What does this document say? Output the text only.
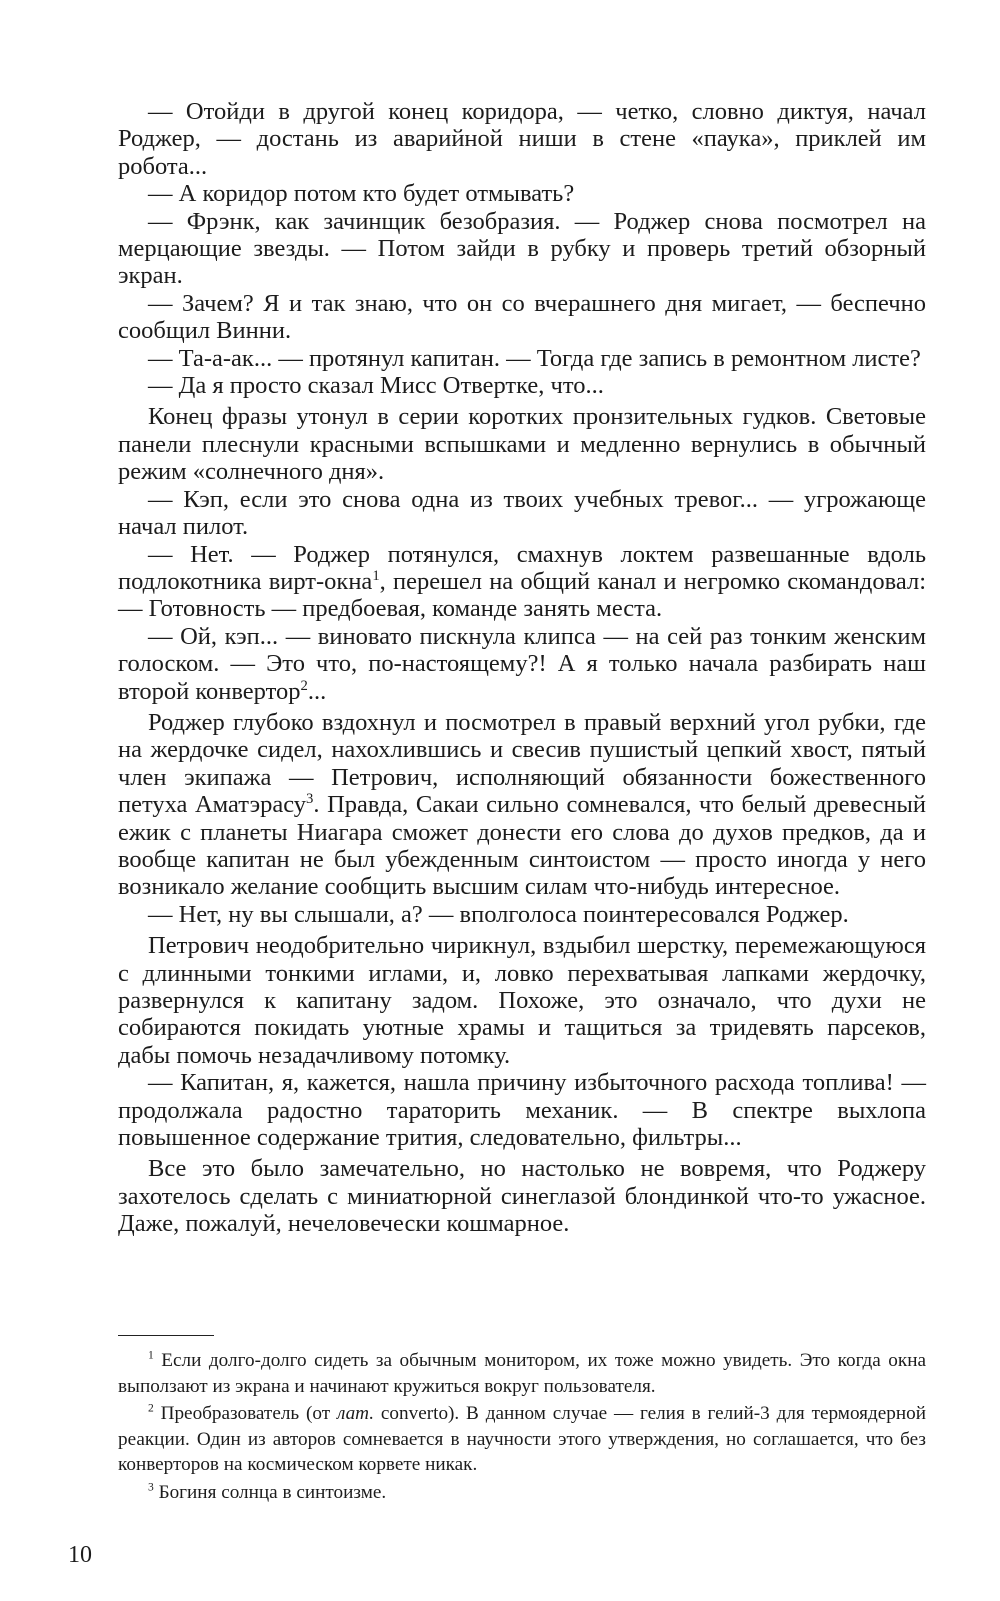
— Отойди в другой конец коридора, — четко, словно диктуя, начал Роджер, — достань из аварийной ниши в стене «паука», приклей им робота...

— А коридор потом кто будет отмывать?

— Фрэнк, как зачинщик безобразия. — Роджер снова посмотрел на мерцающие звезды. — Потом зайди в рубку и проверь третий обзорный экран.

— Зачем? Я и так знаю, что он со вчерашнего дня мигает, — беспечно сообщил Винни.

— Та-а-ак... — протянул капитан. — Тогда где запись в ремонтном листе?

— Да я просто сказал Мисс Отвертке, что...

Конец фразы утонул в серии коротких пронзительных гудков. Световые панели плеснули красными вспышками и медленно вернулись в обычный режим «солнечного дня».

— Кэп, если это снова одна из твоих учебных тревог... — угрожающе начал пилот.

— Нет. — Роджер потянулся, смахнув локтем развешанные вдоль подлокотника вирт-окна$^1$, перешел на общий канал и негромко скомандовал: — Готовность — предбоевая, команде занять места.

— Ой, кэп... — виновато пискнула клипса — на сей раз тонким женским голоском. — Это что, по-настоящему?! А я только начала разбирать наш второй конвертор$^2$...

Роджер глубоко вздохнул и посмотрел в правый верхний угол рубки, где на жердочке сидел, нахохлившись и свесив пушистый цепкий хвост, пятый член экипажа — Петрович, исполняющий обязанности божественного петуха Аматэрасу$^3$. Правда, Сакаи сильно сомневался, что белый древесный ежик с планеты Ниагара сможет донести его слова до духов предков, да и вообще капитан не был убежденным синтоистом — просто иногда у него возникало желание сообщить высшим силам что-нибудь интересное.

— Нет, ну вы слышали, а? — вполголоса поинтересовался Роджер.

Петрович неодобрительно чирикнул, вздыбил шерстку, перемежающуюся с длинными тонкими иглами, и, ловко перехватывая лапками жердочку, развернулся к капитану задом. Похоже, это означало, что духи не собираются покидать уютные храмы и тащиться за тридевять парсеков, дабы помочь незадачливому потомку.

— Капитан, я, кажется, нашла причину избыточного расхода топлива! — продолжала радостно тараторить механик. — В спектре выхлопа повышенное содержание трития, следовательно, фильтры...

Все это было замечательно, но настолько не вовремя, что Роджеру захотелось сделать с миниатюрной синеглазой блондинкой что-то ужасное. Даже, пожалуй, нечеловечески кошмарное.

$^1$ Если долго-долго сидеть за обычным монитором, их тоже можно увидеть. Это когда окна выползают из экрана и начинают кружиться вокруг пользователя.

$^2$ Преобразователь (от лат. converto). В данном случае — гелия в гелий-3 для термоядерной реакции. Один из авторов сомневается в научности этого утверждения, но соглашается, что без конверторов на космическом корвете никак.

$^3$ Богиня солнца в синтоизме.

10
